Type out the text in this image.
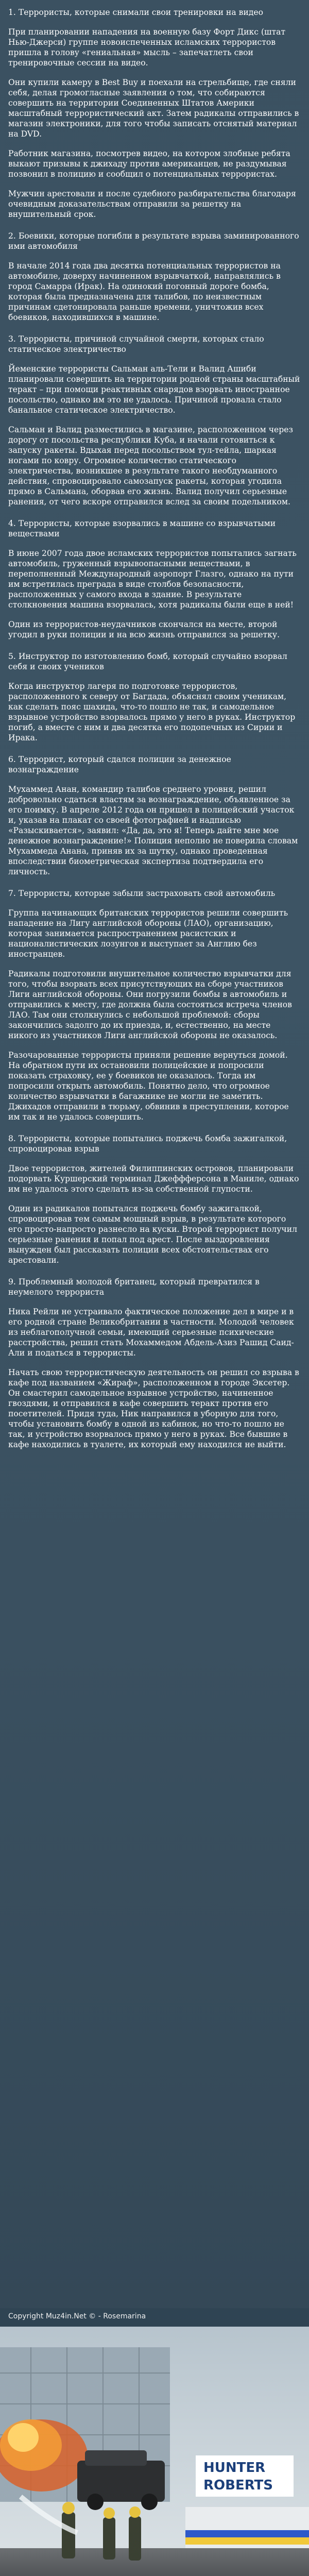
1. Террористы, которые снимали свои тренировки на видео

При планировании нападения на военную базу Форт Дикс (штат Нью-Джерси) группе новоиспеченных исламских террористов пришла в голову «гениальная» мысль – запечатлеть свои тренировочные сессии на видео.

Они купили камеру в Best Buy и поехали на стрельбище, где сняли себя, делая громогласные заявления о том, что собираются совершить на территории Соединенных Штатов Америки масштабный террористический акт. Затем радикалы отправились в магазин электроники, для того чтобы записать отснятый материал на DVD.

Работник магазина, посмотрев видео, на котором злобные ребята выкают призывы к джихаду против американцев, не раздумывая позвонил в полицию и сообщил о потенциальных террористах.

Мужчин арестовали и после судебного разбирательства благодаря очевидным доказательствам отправили за решетку на внушительный срок.

2. Боевики, которые погибли в результате взрыва заминированного ими автомобиля

В начале 2014 года два десятка потенциальных террористов на автомобиле, доверху начиненном взрывчаткой, направлялись в город Самарра (Ирак). На одинокий погонный дороге бомба, которая была предназначена для талибов, по неизвестным причинам сдетонировала раньше времени, уничтожив всех боевиков, находившихся в машине.

3. Террористы, причиной случайной смерти, которых стало статическое электричество

Йеменские террористы Сальман аль-Тели и Валид Ашиби планировали совершить на территории родной страны масштабный теракт – при помощи реактивных снарядов взорвать иностранное посольство, однако им это не удалось. Причиной провала стало банальное статическое электричество.

Сальман и Валид разместились в магазине, расположенном через дорогу от посольства республики Куба, и начали готовиться к запуску ракеты. Вдыхая перед посольством тул-тейла, шаркая ногами по ковру. Огромное количество статического электричества, возникшее в результате такого необдуманного действия, спровоцировало самозапуск ракеты, которая угодила прямо в Сальмана, оборвав его жизнь. Валид получил серьезные ранения, от чего вскоре отправился вслед за своим подельником.

4. Террористы, которые взорвались в машине со взрывчатыми веществами

В июне 2007 года двое исламских террористов попытались загнать автомобиль, груженный взрывоопасными веществами, в переполненный Международный аэропорт Глазго, однако на пути им встретилась преграда в виде столбов безопасности, расположенных у самого входа в здание. В результате столкновения машина взорвалась, хотя радикалы были еще в ней!

Один из террористов-неудачников скончался на месте, второй угодил в руки полиции и на всю жизнь отправился за решетку.

5. Инструктор по изготовлению бомб, который случайно взорвал себя и своих учеников

Когда инструктор лагеря по подготовке террористов, расположенного к северу от Багдада, объяснял своим ученикам, как сделать пояс шахида, что-то пошло не так, и самодельное взрывное устройство взорвалось прямо у него в руках. Инструктор погиб, а вместе с ним и два десятка его подопечных из Сирии и Ирака.

6. Террорист, который сдался полиции за денежное вознаграждение

Мухаммед Анан, командир талибов среднего уровня, решил добровольно сдаться властям за вознаграждение, объявленное за его поимку. В апреле 2012 года он пришел в полицейский участок и, указав на плакат со своей фотографией и надписью «Разыскивается», заявил: «Да, да, это я! Теперь дайте мне мое денежное вознаграждение!» Полиция неполно не поверила словам Мухаммеда Анана, приняв их за шутку, однако проведенная впоследствии биометрическая экспертиза подтвердила его личность.

7. Террористы, которые забыли застраховать свой автомобиль

Группа начинающих британских террористов решили совершить нападение на Лигу английской обороны (ЛАО), организацию, которая занимается распространением расистских и националистических лозунгов и выступает за Англию без иностранцев.

Радикалы подготовили внушительное количество взрывчатки для того, чтобы взорвать всех присутствующих на сборе участников Лиги английской обороны. Они погрузили бомбы в автомобиль и отправились к месту, где должна была состояться встреча членов ЛАО. Там они столкнулись с небольшой проблемой: сборы закончились задолго до их приезда, и, естественно, на месте никого из участников Лиги английской обороны не оказалось.

Разочарованные террористы приняли решение вернуться домой. На обратном пути их остановили полицейские и попросили показать страховку, ее у боевиков не оказалось. Тогда им попросили открыть автомобиль. Понятно дело, что огромное количество взрывчатки в багажнике не могли не заметить. Джихадов отправили в тюрьму, обвинив в преступлении, которое им так и не удалось совершить.

8. Террористы, которые попытались поджечь бомба зажигалкой, спровоцировав взрыв

Двое террористов, жителей Филиппинских островов, планировали подорвать Куршерский терминал Джеффферсона в Маниле, однако им не удалось этого сделать из-за собственной глупости.

Один из радикалов попытался поджечь бомбу зажигалкой, спровоцировав тем самым мощный взрыв, в результате которого его просто-напросто разнесло на куски. Второй террорист получил серьезные ранения и попал под арест. После выздоровления вынужден был рассказать полиции всех обстоятельствах его арестовали.

9. Проблемный молодой британец, который превратился в неумелого террориста

Ника Рейли не устраивало фактическое положение дел в мире и в его родной стране Великобритании в частности. Молодой человек из неблагополучной семьи, имеющий серьезные психические расстройства, решил стать Мохаммедом Абдель-Азиз Рашид Саид-Али и податься в террористы.

Начать свою террористическую деятельность он решил со взрыва в кафе под названием «Жираф», расположенном в городе Эксетер. Он смастерил самодельное взрывное устройство, начиненное гвоздями, и отправился в кафе совершить теракт против его посетителей. Придя туда, Ник направился в уборную для того, чтобы установить бомбу в одной из кабинок, но что-то пошло не так, и устройство взорвалось прямо у него в руках. Все бывшие в кафе находились в туалете, их который ему находился не выйти.

Copyright Muz4in.Net © - Rosemarina
HUNTER
ROBERTS
